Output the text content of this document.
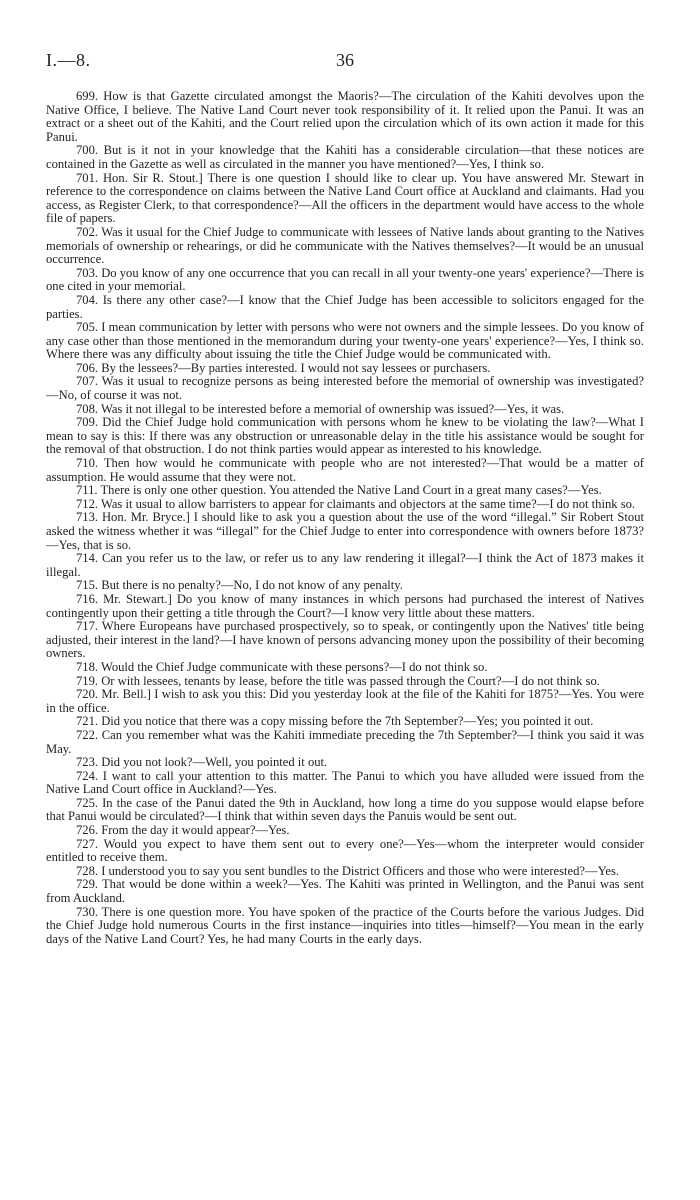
I.—8.	36

699. How is that Gazette circulated amongst the Maoris?—The circulation of the Kahiti devolves upon the Native Office, I believe. The Native Land Court never took responsibility of it. It relied upon the Panui. It was an extract or a sheet out of the Kahiti, and the Court relied upon the circulation which of its own action it made for this Panui.

700. But is it not in your knowledge that the Kahiti has a considerable circulation—that these notices are contained in the Gazette as well as circulated in the manner you have mentioned?—Yes, I think so.

701. Hon. Sir R. Stout.] There is one question I should like to clear up. You have answered Mr. Stewart in reference to the correspondence on claims between the Native Land Court office at Auckland and claimants. Had you access, as Register Clerk, to that correspondence?—All the officers in the department would have access to the whole file of papers.

702. Was it usual for the Chief Judge to communicate with lessees of Native lands about granting to the Natives memorials of ownership or rehearings, or did he communicate with the Natives themselves?—It would be an unusual occurrence.

703. Do you know of any one occurrence that you can recall in all your twenty-one years' experience?—There is one cited in your memorial.

704. Is there any other case?—I know that the Chief Judge has been accessible to solicitors engaged for the parties.

705. I mean communication by letter with persons who were not owners and the simple lessees. Do you know of any case other than those mentioned in the memorandum during your twenty-one years' experience?—Yes, I think so. Where there was any difficulty about issuing the title the Chief Judge would be communicated with.

706. By the lessees?—By parties interested. I would not say lessees or purchasers.

707. Was it usual to recognize persons as being interested before the memorial of ownership was investigated?—No, of course it was not.

708. Was it not illegal to be interested before a memorial of ownership was issued?—Yes, it was.

709. Did the Chief Judge hold communication with persons whom he knew to be violating the law?—What I mean to say is this: If there was any obstruction or unreasonable delay in the title his assistance would be sought for the removal of that obstruction. I do not think parties would appear as interested to his knowledge.

710. Then how would he communicate with people who are not interested?—That would be a matter of assumption. He would assume that they were not.

711. There is only one other question. You attended the Native Land Court in a great many cases?—Yes.

712. Was it usual to allow barristers to appear for claimants and objectors at the same time?—I do not think so.

713. Hon. Mr. Bryce.] I should like to ask you a question about the use of the word “illegal.” Sir Robert Stout asked the witness whether it was “illegal” for the Chief Judge to enter into correspondence with owners before 1873?—Yes, that is so.

714. Can you refer us to the law, or refer us to any law rendering it illegal?—I think the Act of 1873 makes it illegal.

715. But there is no penalty?—No, I do not know of any penalty.

716. Mr. Stewart.] Do you know of many instances in which persons had purchased the interest of Natives contingently upon their getting a title through the Court?—I know very little about these matters.

717. Where Europeans have purchased prospectively, so to speak, or contingently upon the Natives' title being adjusted, their interest in the land?—I have known of persons advancing money upon the possibility of their becoming owners.

718. Would the Chief Judge communicate with these persons?—I do not think so.

719. Or with lessees, tenants by lease, before the title was passed through the Court?—I do not think so.

720. Mr. Bell.] I wish to ask you this: Did you yesterday look at the file of the Kahiti for 1875?—Yes. You were in the office.

721. Did you notice that there was a copy missing before the 7th September?—Yes; you pointed it out.

722. Can you remember what was the Kahiti immediate preceding the 7th September?—I think you said it was May.

723. Did you not look?—Well, you pointed it out.

724. I want to call your attention to this matter. The Panui to which you have alluded were issued from the Native Land Court office in Auckland?—Yes.

725. In the case of the Panui dated the 9th in Auckland, how long a time do you suppose would elapse before that Panui would be circulated?—I think that within seven days the Panuis would be sent out.

726. From the day it would appear?—Yes.

727. Would you expect to have them sent out to every one?—Yes—whom the interpreter would consider entitled to receive them.

728. I understood you to say you sent bundles to the District Officers and those who were interested?—Yes.

729. That would be done within a week?—Yes. The Kahiti was printed in Wellington, and the Panui was sent from Auckland.

730. There is one question more. You have spoken of the practice of the Courts before the various Judges. Did the Chief Judge hold numerous Courts in the first instance—inquiries into titles—himself?—You mean in the early days of the Native Land Court? Yes, he had many Courts in the early days.
